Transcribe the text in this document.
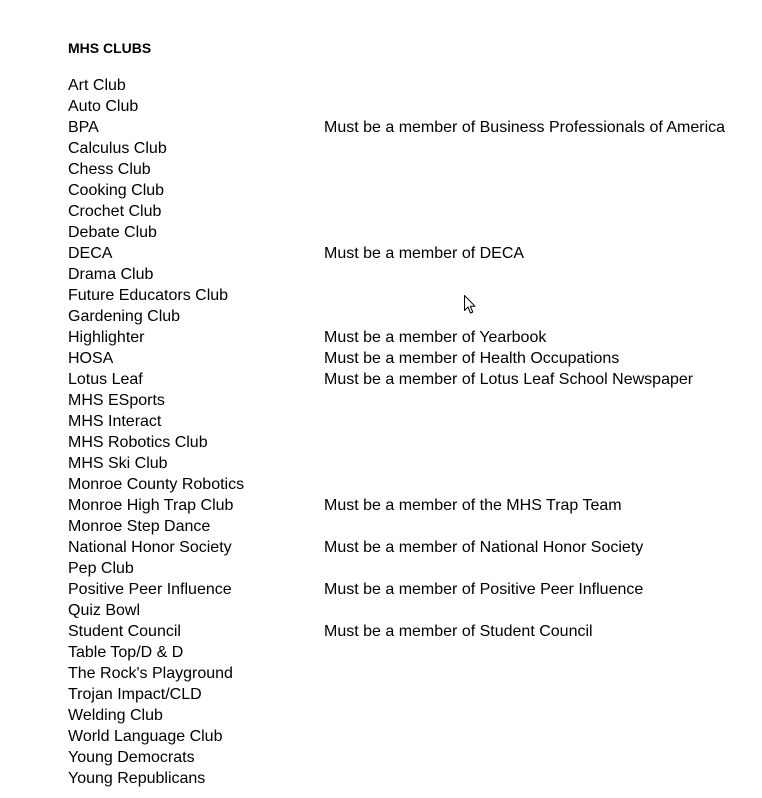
MHS CLUBS
Art Club
Auto Club
BPA	Must be a member of Business Professionals of America
Calculus Club
Chess Club
Cooking Club
Crochet Club
Debate Club
DECA	Must be a member of DECA
Drama Club
Future Educators Club
Gardening Club
Highlighter	Must be a member of Yearbook
HOSA	Must be a member of Health Occupations
Lotus Leaf	Must be a member of Lotus Leaf School Newspaper
MHS ESports
MHS Interact
MHS Robotics Club
MHS Ski Club
Monroe County Robotics
Monroe High Trap Club	Must be a member of the MHS Trap Team
Monroe Step Dance
National Honor Society	Must be a member of National Honor Society
Pep Club
Positive Peer Influence	Must be a member of Positive Peer Influence
Quiz Bowl
Student Council	Must be a member of Student Council
Table Top/D & D
The Rock's Playground
Trojan Impact/CLD
Welding Club
World Language Club
Young Democrats
Young Republicans
